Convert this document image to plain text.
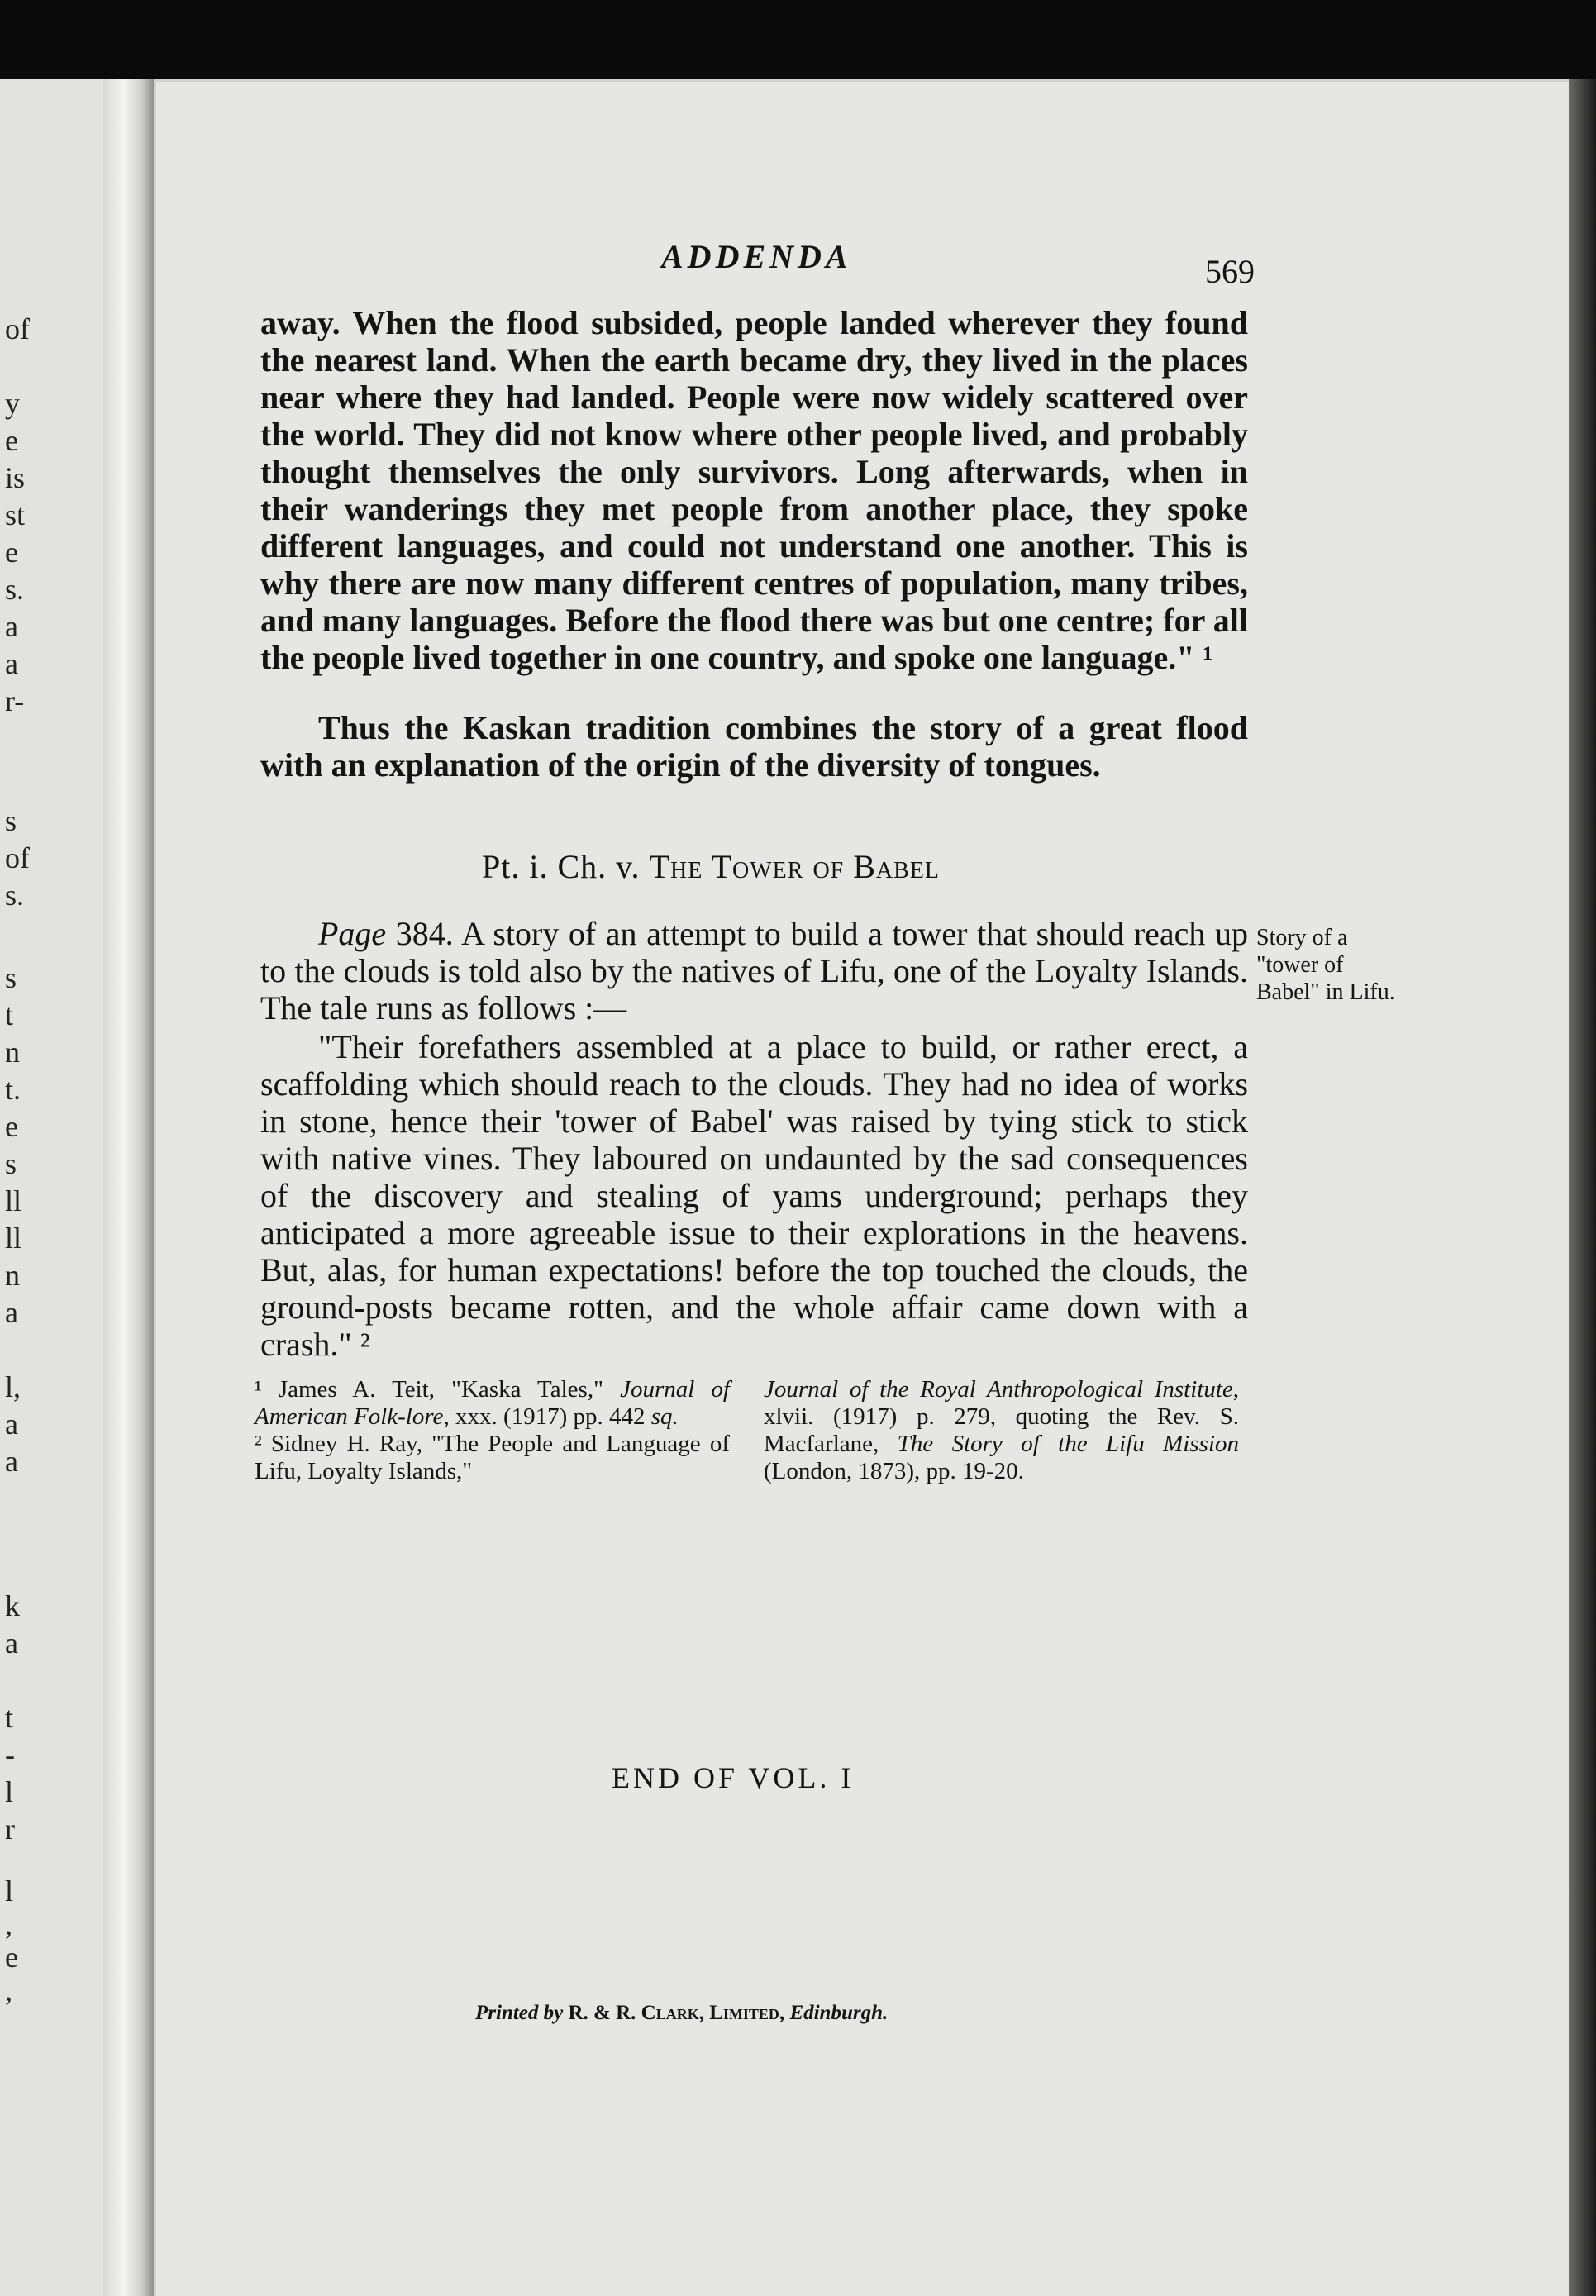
of
y
e
is
st
e
s.
a
a
r-
s
of
s.
s
t
n
t.
e
s
ll
ll
n
a
l,
a
a
k
a
t
-
l
r
l
,
e
,
ADDENDA	569

away. When the flood subsided, people landed wherever they found the nearest land. When the earth became dry, they lived in the places near where they had landed. People were now widely scattered over the world. They did not know where other people lived, and probably thought themselves the only survivors. Long afterwards, when in their wanderings they met people from another place, they spoke different languages, and could not understand one another. This is why there are now many different centres of population, many tribes, and many languages. Before the flood there was but one centre; for all the people lived together in one country, and spoke one language." ¹

Thus the Kaskan tradition combines the story of a great flood with an explanation of the origin of the diversity of tongues.

Pt. i. Ch. v. The Tower of Babel

Page 384. A story of an attempt to build a tower that should reach up to the clouds is told also by the natives of Lifu, one of the Loyalty Islands. The tale runs as follows :—

"Their forefathers assembled at a place to build, or rather erect, a scaffolding which should reach to the clouds. They had no idea of works in stone, hence their 'tower of Babel' was raised by tying stick to stick with native vines. They laboured on undaunted by the sad consequences of the discovery and stealing of yams underground; perhaps they anticipated a more agreeable issue to their explorations in the heavens. But, alas, for human expectations! before the top touched the clouds, the ground-posts became rotten, and the whole affair came down with a crash." ²

Story of a "tower of Babel" in Lifu.

¹ James A. Teit, "Kaska Tales," Journal of American Folk-lore, xxx. (1917) pp. 442 sq.
² Sidney H. Ray, "The People and Language of Lifu, Loyalty Islands,"

Journal of the Royal Anthropological Institute, xlvii. (1917) p. 279, quoting the Rev. S. Macfarlane, The Story of the Lifu Mission (London, 1873), pp. 19-20.

END OF VOL. I
Printed by R. & R. Clark, Limited, Edinburgh.
